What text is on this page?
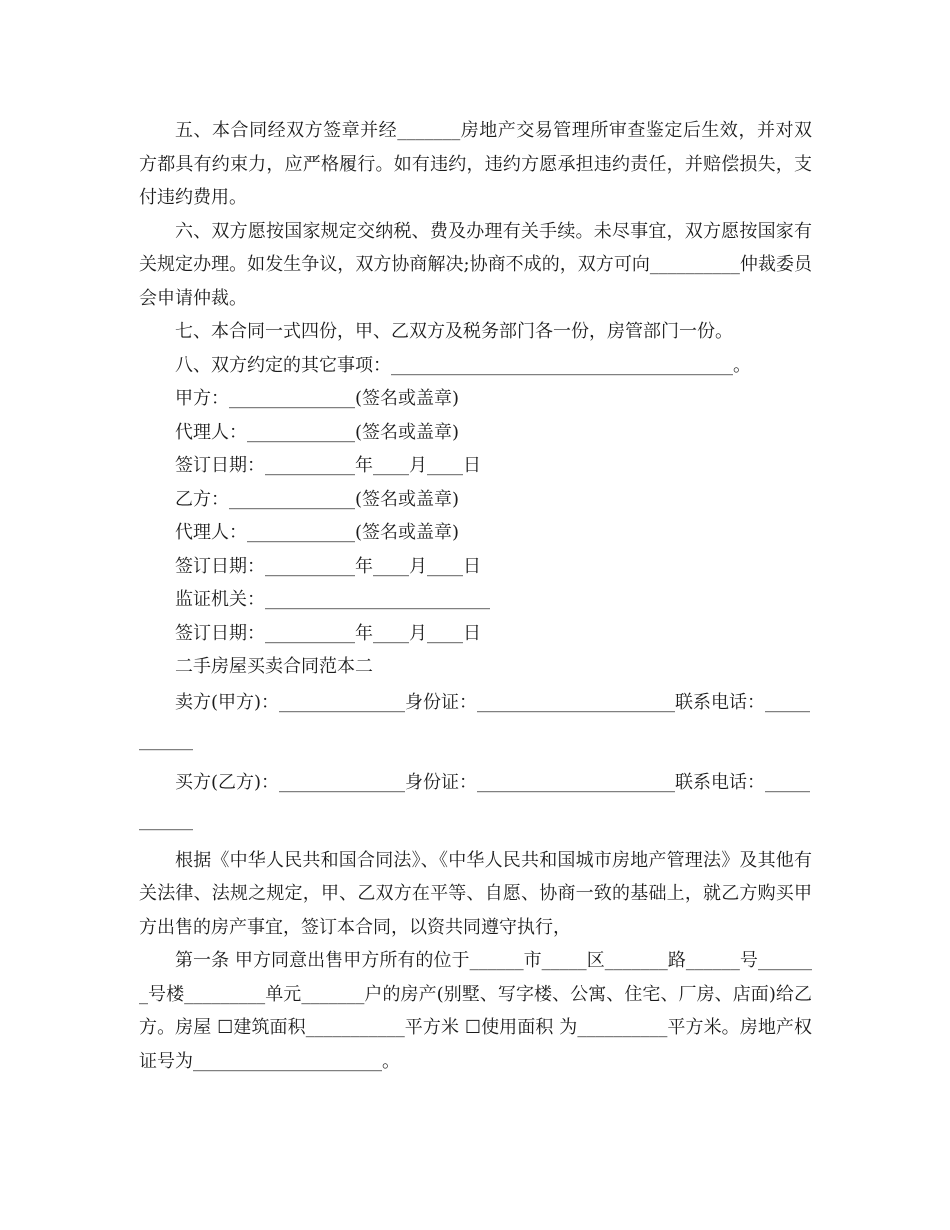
五、本合同经双方签章并经_______房地产交易管理所审查鉴定后生效，并对双方都具有约束力，应严格履行。如有违约，违约方愿承担违约责任，并赔偿损失，支付违约费用。

六、双方愿按国家规定交纳税、费及办理有关手续。未尽事宜，双方愿按国家有关规定办理。如发生争议，双方协商解决;协商不成的，双方可向__________仲裁委员会申请仲裁。

七、本合同一式四份，甲、乙双方及税务部门各一份，房管部门一份。

八、双方约定的其它事项：______________________________________。

甲方：______________(签名或盖章)

代理人：____________(签名或盖章)

签订日期：__________年____月____日

乙方：______________(签名或盖章)

代理人：____________(签名或盖章)

签订日期：__________年____月____日

监证机关：_________________________

签订日期：__________年____月____日

二手房屋买卖合同范本二

卖方(甲方)：______________身份证：______________________联系电话：___________

买方(乙方)：______________身份证：______________________联系电话：___________

根据《中华人民共和国合同法》、《中华人民共和国城市房地产管理法》及其他有关法律、法规之规定，甲、乙双方在平等、自愿、协商一致的基础上，就乙方购买甲方出售的房产事宜，签订本合同，以资共同遵守执行，

第一条 甲方同意出售甲方所有的位于______市_____区_______路______号_______号楼_________单元_______户的房产(别墅、写字楼、公寓、住宅、厂房、店面)给乙方。房屋 ☐建筑面积___________平方米 ☐使用面积 为__________平方米。房地产权证号为_____________________。
